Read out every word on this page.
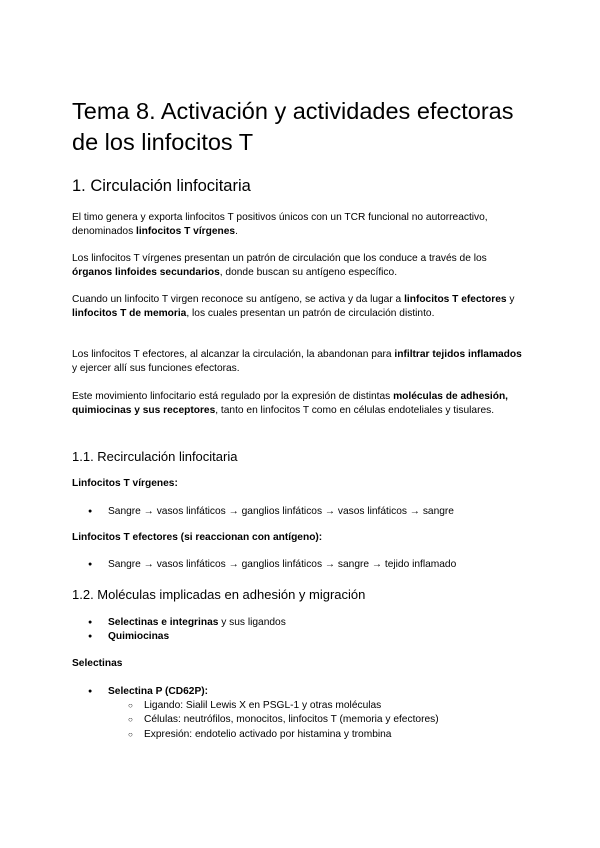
Tema 8. Activación y actividades efectoras de los linfocitos T
1. Circulación linfocitaria

El timo genera y exporta linfocitos T positivos únicos con un TCR funcional no autorreactivo, denominados linfocitos T vírgenes.

Los linfocitos T vírgenes presentan un patrón de circulación que los conduce a través de los órganos linfoides secundarios, donde buscan su antígeno específico.

Cuando un linfocito T virgen reconoce su antígeno, se activa y da lugar a linfocitos T efectores y linfocitos T de memoria, los cuales presentan un patrón de circulación distinto.

Los linfocitos T efectores, al alcanzar la circulación, la abandonan para infiltrar tejidos inflamados y ejercer allí sus funciones efectoras.

Este movimiento linfocitario está regulado por la expresión de distintas moléculas de adhesión, quimiocinas y sus receptores, tanto en linfocitos T como en células endoteliales y tisulares.

1.1. Recirculación linfocitaria

Linfocitos T vírgenes:

● Sangre → vasos linfáticos → ganglios linfáticos → vasos linfáticos → sangre

Linfocitos T efectores (si reaccionan con antígeno):

● Sangre → vasos linfáticos → ganglios linfáticos → sangre → tejido inflamado
1.2. Moléculas implicadas en adhesión y migración
● Selectinas e integrinas y sus ligandos
● Quimiocinas

Selectinas

● Selectina P (CD62P):
○ Ligando: Sialil Lewis X en PSGL-1 y otras moléculas
○ Células: neutrófilos, monocitos, linfocitos T (memoria y efectores)
○ Expresión: endotelio activado por histamina y trombina
